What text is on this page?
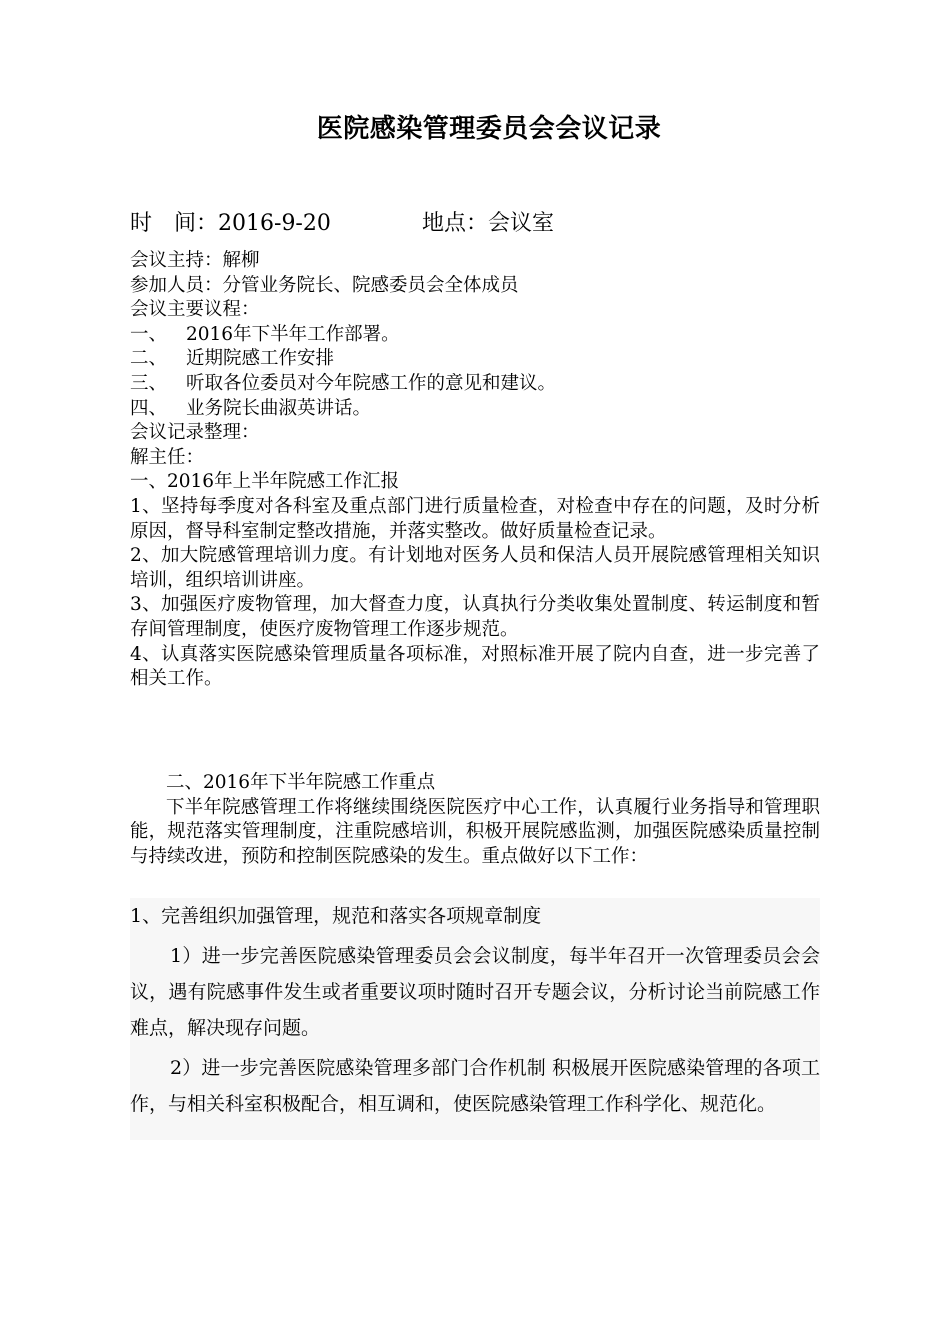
医院感染管理委员会会议记录
时　间：2016-9-20	地点：会议室
会议主持：解柳
参加人员：分管业务院长、院感委员会全体成员
会议主要议程：
一、 2016年下半年工作部署。
二、 近期院感工作安排
三、 听取各位委员对今年院感工作的意见和建议。
四、 业务院长曲淑英讲话。
会议记录整理：
解主任：
一、2016年上半年院感工作汇报
1、坚持每季度对各科室及重点部门进行质量检查，对检查中存在的问题，及时分析原因，督导科室制定整改措施，并落实整改。做好质量检查记录。
2、加大院感管理培训力度。有计划地对医务人员和保洁人员开展院感管理相关知识培训，组织培训讲座。
3、加强医疗废物管理，加大督查力度，认真执行分类收集处置制度、转运制度和暂存间管理制度，使医疗废物管理工作逐步规范。
4、认真落实医院感染管理质量各项标准，对照标准开展了院内自查，进一步完善了相关工作。
二、2016年下半年院感工作重点
下半年院感管理工作将继续围绕医院医疗中心工作，认真履行业务指导和管理职能，规范落实管理制度，注重院感培训，积极开展院感监测，加强医院感染质量控制与持续改进，预防和控制医院感染的发生。重点做好以下工作：
1、完善组织加强管理，规范和落实各项规章制度
1）进一步完善医院感染管理委员会会议制度，每半年召开一次管理委员会会议，遇有院感事件发生或者重要议项时随时召开专题会议，分析讨论当前院感工作难点，解决现存问题。
2）进一步完善医院感染管理多部门合作机制 积极展开医院感染管理的各项工作，与相关科室积极配合，相互调和，使医院感染管理工作科学化、规范化。
